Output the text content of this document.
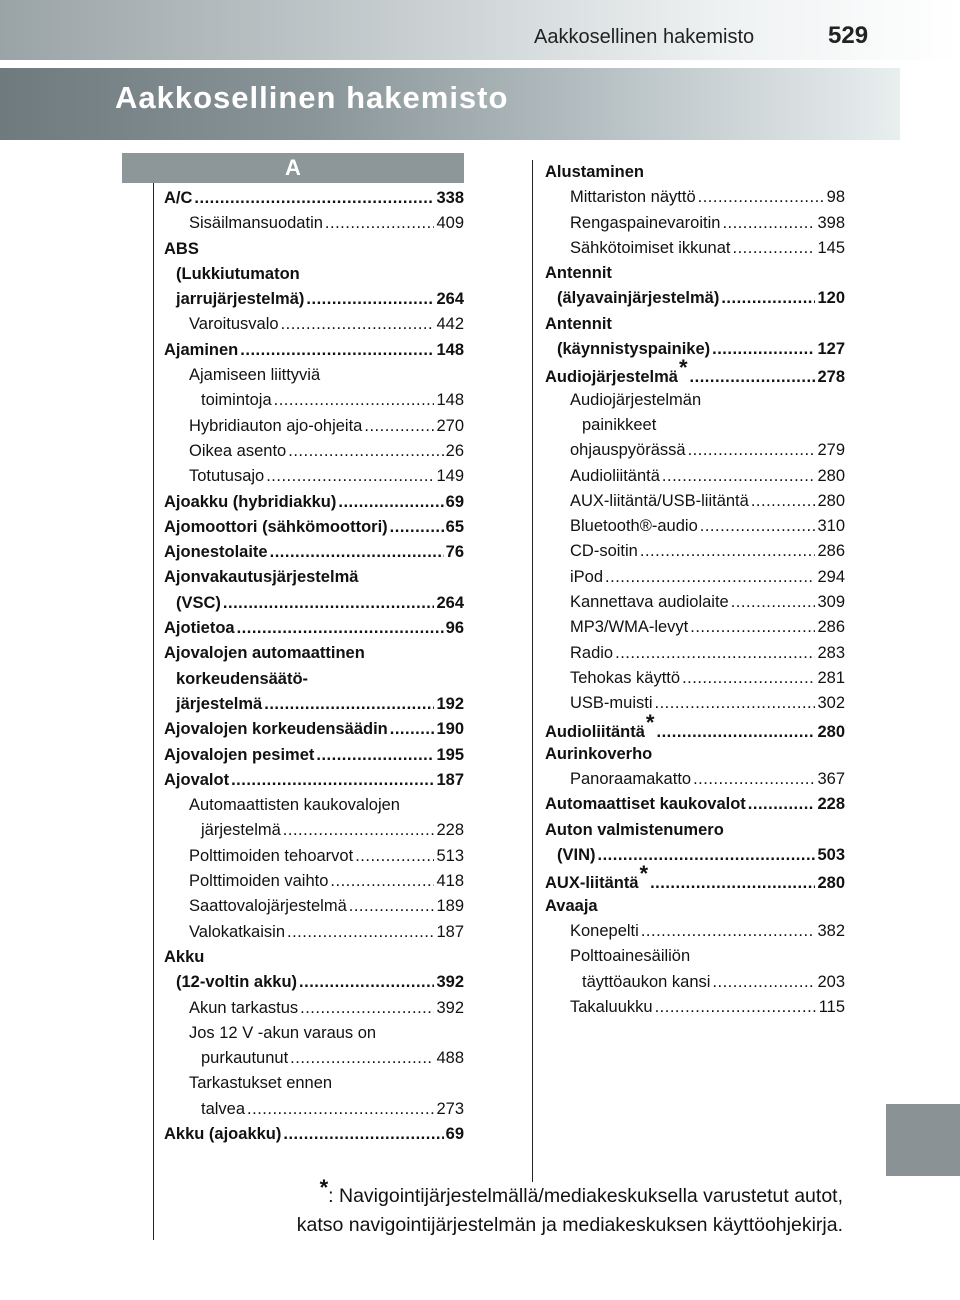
Aakkosellinen hakemisto	529
Aakkosellinen hakemisto
A
A/C .....	338
Sisäilmansuodatin .....	409
ABS
(Lukkiutumaton
jarrujärjestelmä) .....	264
Varoitusvalo .....	442
Ajaminen .....	148
Ajamiseen liittyviä
toimintoja .....	148
Hybridiauton ajo-ohjeita .....	270
Oikea asento .....	26
Totutusajo .....	149
Ajoakku (hybridiakku) .....	69
Ajomoottori (sähkömoottori) .....	65
Ajonestolaite .....	76
Ajonvakautusjärjestelmä
(VSC) .....	264
Ajotietoa .....	96
Ajovalojen automaattinen
korkeudensäätö-
järjestelmä .....	192
Ajovalojen korkeudensäädin .....	190
Ajovalojen pesimet .....	195
Ajovalot .....	187
Automaattisten kaukovalojen
järjestelmä .....	228
Polttimoiden tehoarvot .....	513
Polttimoiden vaihto .....	418
Saattovalojärjestelmä .....	189
Valokatkaisin .....	187
Akku
(12-voltin akku) .....	392
Akun tarkastus .....	392
Jos 12 V -akun varaus on
purkautunut .....	488
Tarkastukset ennen
talvea .....	273
Akku (ajoakku) .....	69
Alustaminen
Mittariston näyttö .....	98
Rengaspainevaroitin .....	398
Sähkötoimiset ikkunat .....	145
Antennit
(älyavainjärjestelmä) .....	120
Antennit
(käynnistyspainike) .....	127
Audiojärjestelmä * .....	278
Audiojärjestelmän
painikkeet
ohjauspyörässä .....	279
Audioliitäntä .....	280
AUX-liitäntä/USB-liitäntä .....	280
Bluetooth®-audio .....	310
CD-soitin .....	286
iPod .....	294
Kannettava audiolaite .....	309
MP3/WMA-levyt .....	286
Radio .....	283
Tehokas käyttö .....	281
USB-muisti .....	302
Audioliitäntä * .....	280
Aurinkoverho
Panoraamakatto .....	367
Automaattiset kaukovalot .....	228
Auton valmistenumero
(VIN) .....	503
AUX-liitäntä * .....	280
Avaaja
Konepelti .....	382
Polttoainesäiliön
täyttöaukon kansi .....	203
Takaluukku .....	115
*: Navigointijärjestelmällä/mediakeskuksella varustetut autot,
katso navigointijärjestelmän ja mediakeskuksen käyttöohjekirja.
